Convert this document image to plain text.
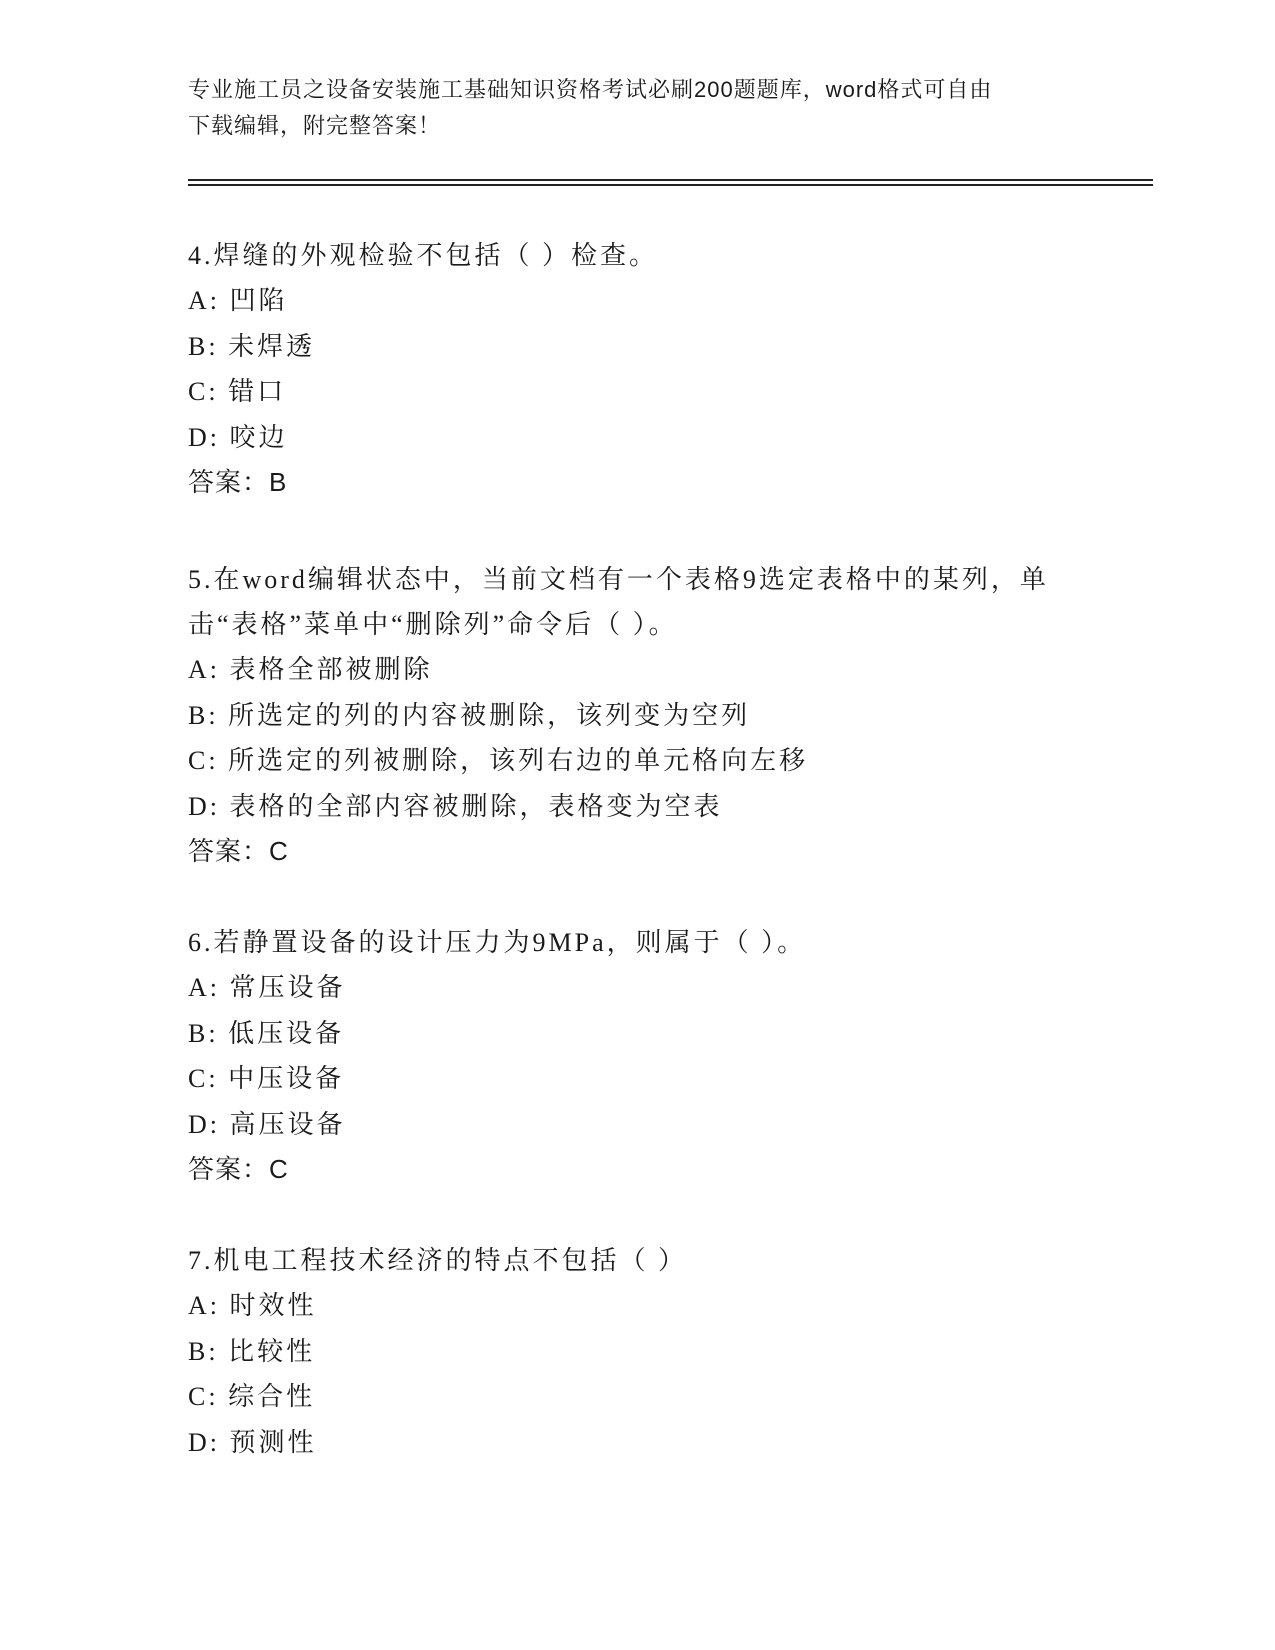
专业施工员之设备安装施工基础知识资格考试必刷200题题库，word格式可自由
下载编辑，附完整答案！

4.焊缝的外观检验不包括（ ）检查。

A: 凹陷

B: 未焊透

C: 错口

D: 咬边

答案：B

5.在word编辑状态中，当前文档有一个表格9选定表格中的某列，单

击“表格”菜单中“删除列”命令后（ ）。

A: 表格全部被删除

B: 所选定的列的内容被删除，该列变为空列

C: 所选定的列被删除，该列右边的单元格向左移

D: 表格的全部内容被删除，表格变为空表

答案：C

6.若静置设备的设计压力为9MPa，则属于（ ）。

A: 常压设备

B: 低压设备

C: 中压设备

D: 高压设备

答案：C

7.机电工程技术经济的特点不包括（ ）

A: 时效性

B: 比较性

C: 综合性

D: 预测性
